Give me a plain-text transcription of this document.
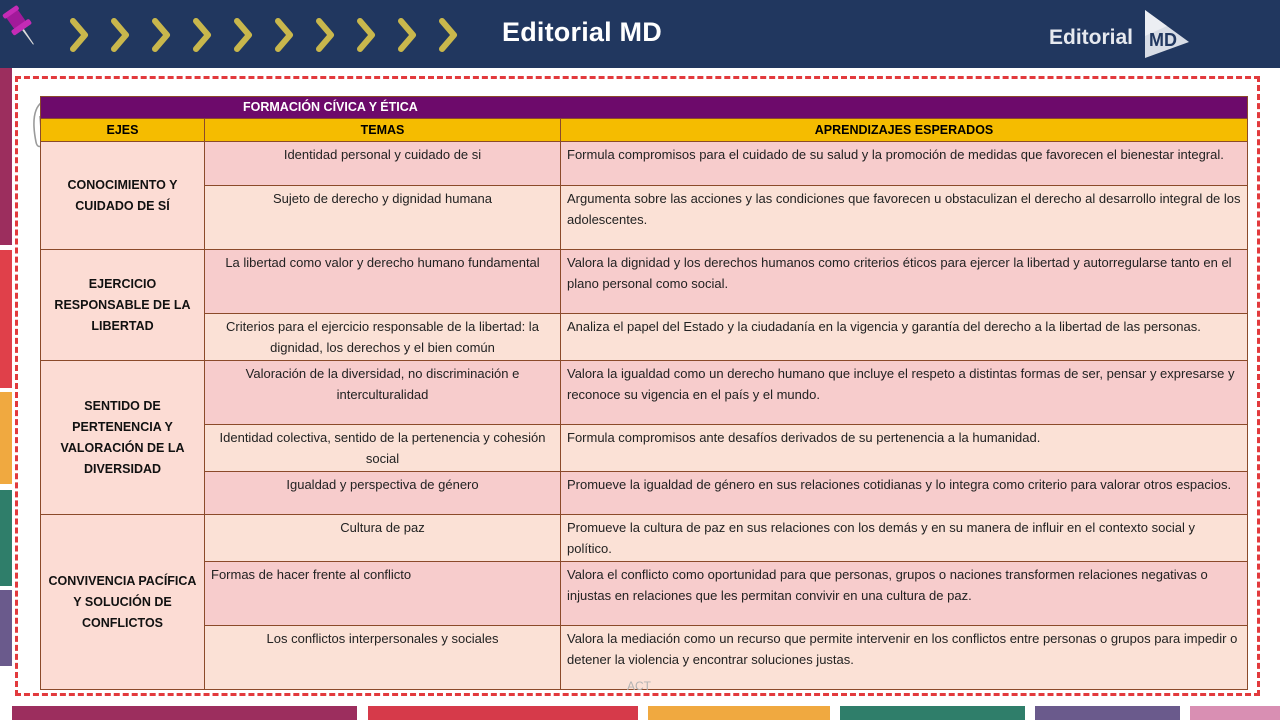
Editorial MD	Editorial MD
FORMACIÓN CÍVICA Y ÉTICA		
EJES	TEMAS	APRENDIZAJES ESPERADOS
CONOCIMIENTO Y CUIDADO DE SÍ	Identidad personal y cuidado de si	Formula compromisos para el cuidado de su salud y la promoción de medidas que favorecen el bienestar integral.
	Sujeto de derecho y dignidad humana	Argumenta sobre las acciones y las condiciones que favorecen u obstaculizan el derecho al desarrollo integral de los adolescentes.
EJERCICIO RESPONSABLE DE LA LIBERTAD	La libertad como valor y derecho humano fundamental	Valora la dignidad y los derechos humanos como criterios éticos para ejercer la libertad y autorregularse tanto en el plano personal como social.
	Criterios para el ejercicio responsable de la libertad: la dignidad, los derechos y el bien común	Analiza el papel del Estado y la ciudadanía en la vigencia y garantía del derecho a la libertad de las personas.
SENTIDO DE PERTENENCIA Y VALORACIÓN DE LA DIVERSIDAD	Valoración de la diversidad, no discriminación e interculturalidad	Valora la igualdad como un derecho humano que incluye el respeto a distintas formas de ser, pensar y expresarse y reconoce su vigencia en el país y el mundo.
	Identidad colectiva, sentido de la pertenencia y cohesión social	Formula compromisos ante desafíos derivados de su pertenencia a la humanidad.
	Igualdad y perspectiva de género	Promueve la igualdad de género en sus relaciones cotidianas y lo integra como criterio para valorar otros espacios.
CONVIVENCIA PACÍFICA Y SOLUCIÓN DE CONFLICTOS	Cultura de paz	Promueve la cultura de paz en sus relaciones con los demás y en su manera de influir en el contexto social y político.
	Formas de hacer frente al conflicto	Valora el conflicto como oportunidad para que personas, grupos o naciones transformen relaciones negativas o injustas en relaciones que les permitan convivir en una cultura de paz.
	Los conflictos interpersonales y sociales	Valora la mediación como un recurso que permite intervenir en los conflictos entre personas o grupos para impedir o detener la violencia y encontrar soluciones justas.
ACT
